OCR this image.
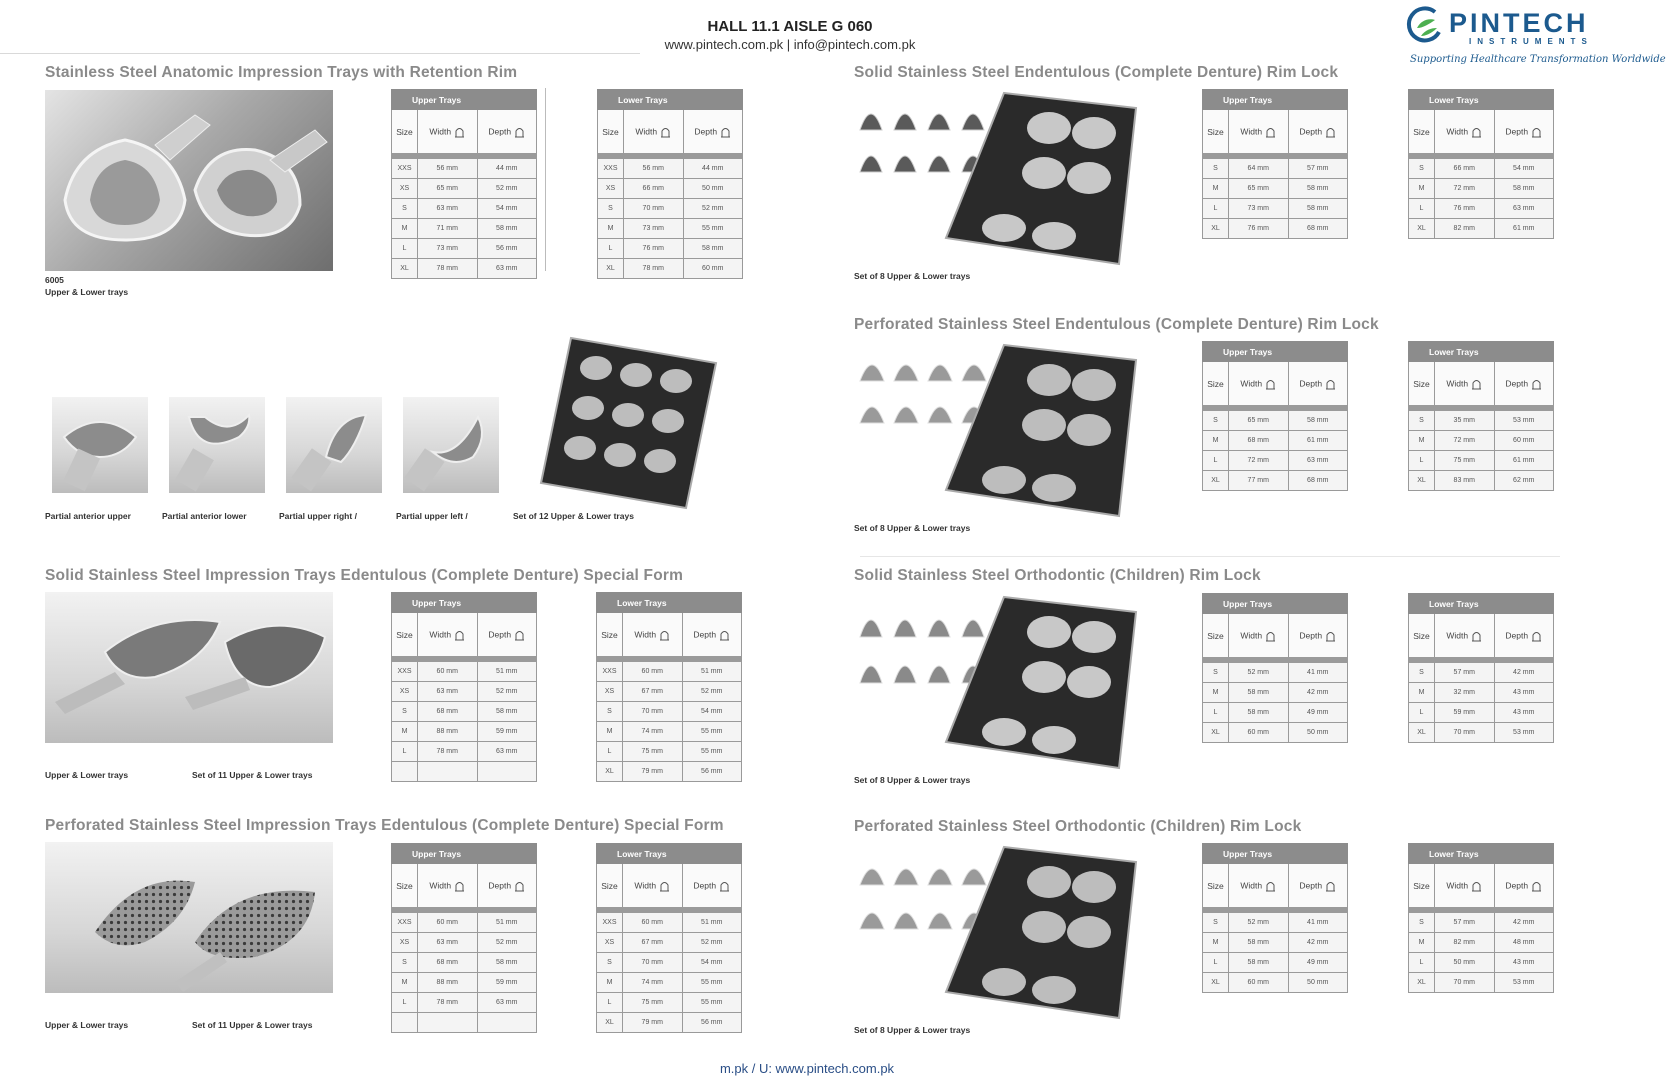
HALL 11.1 AISLE G 060
www.pintech.com.pk | info@pintech.com.pk
PINTECH
INSTRUMENTS
Supporting Healthcare Transformation Worldwide
Stainless Steel Anatomic Impression Trays with Retention Rim
6005
Upper & Lower trays
Upper Trays		
Size	Width	Depth

XXS	56 mm	44 mm
XS	65 mm	52 mm
S	63 mm	54 mm
M	71 mm	58 mm
L	73 mm	56 mm
XL	78 mm	63 mm
Lower Trays		
Size	Width	Depth

XXS	56 mm	44 mm
XS	66 mm	50 mm
S	70 mm	52 mm
M	73 mm	55 mm
L	76 mm	58 mm
XL	78 mm	60 mm
Partial anterior upper	Partial anterior lower	Partial upper right /	Partial upper left /	Set of 12 Upper & Lower trays
Solid Stainless Steel Impression Trays Edentulous (Complete Denture) Special Form
Upper & Lower trays	Set of 11 Upper & Lower trays
Upper Trays		
Size	Width	Depth

XXS	60 mm	51 mm
XS	63 mm	52 mm
S	68 mm	58 mm
M	88 mm	59 mm
L	78 mm	63 mm

Lower Trays		
Size	Width	Depth

XXS	60 mm	51 mm
XS	67 mm	52 mm
S	70 mm	54 mm
M	74 mm	55 mm
L	75 mm	55 mm
XL	79 mm	56 mm
Perforated Stainless Steel Impression Trays Edentulous (Complete Denture) Special Form
Upper & Lower trays	Set of 11 Upper & Lower trays
Upper Trays		
Size	Width	Depth

XXS	60 mm	51 mm
XS	63 mm	52 mm
S	68 mm	58 mm
M	88 mm	59 mm
L	78 mm	63 mm

Lower Trays		
Size	Width	Depth

XXS	60 mm	51 mm
XS	67 mm	52 mm
S	70 mm	54 mm
M	74 mm	55 mm
L	75 mm	55 mm
XL	79 mm	56 mm
Solid Stainless Steel Endentulous (Complete Denture) Rim Lock
Set of 8 Upper & Lower trays
Upper Trays		
Size	Width	Depth

S	64 mm	57 mm
M	65 mm	58 mm
L	73 mm	58 mm
XL	76 mm	68 mm
Lower Trays		
Size	Width	Depth

S	66 mm	54 mm
M	72 mm	58 mm
L	76 mm	63 mm
XL	82 mm	61 mm
Perforated Stainless Steel Endentulous (Complete Denture) Rim Lock
Set of 8 Upper & Lower trays
Upper Trays		
Size	Width	Depth

S	65 mm	58 mm
M	68 mm	61 mm
L	72 mm	63 mm
XL	77 mm	68 mm
Lower Trays		
Size	Width	Depth

S	35 mm	53 mm
M	72 mm	60 mm
L	75 mm	61 mm
XL	83 mm	62 mm
Solid Stainless Steel Orthodontic (Children) Rim Lock
Set of 8 Upper & Lower trays
Upper Trays		
Size	Width	Depth

S	52 mm	41 mm
M	58 mm	42 mm
L	58 mm	49 mm
XL	60 mm	50 mm
Lower Trays		
Size	Width	Depth

S	57 mm	42 mm
M	32 mm	43 mm
L	59 mm	43 mm
XL	70 mm	53 mm
Perforated Stainless Steel Orthodontic (Children) Rim Lock
Set of 8 Upper & Lower trays
Upper Trays		
Size	Width	Depth

S	52 mm	41 mm
M	58 mm	42 mm
L	58 mm	49 mm
XL	60 mm	50 mm
Lower Trays		
Size	Width	Depth

S	57 mm	42 mm
M	82 mm	48 mm
L	50 mm	43 mm
XL	70 mm	53 mm
m.pk / U: www.pintech.com.pk
